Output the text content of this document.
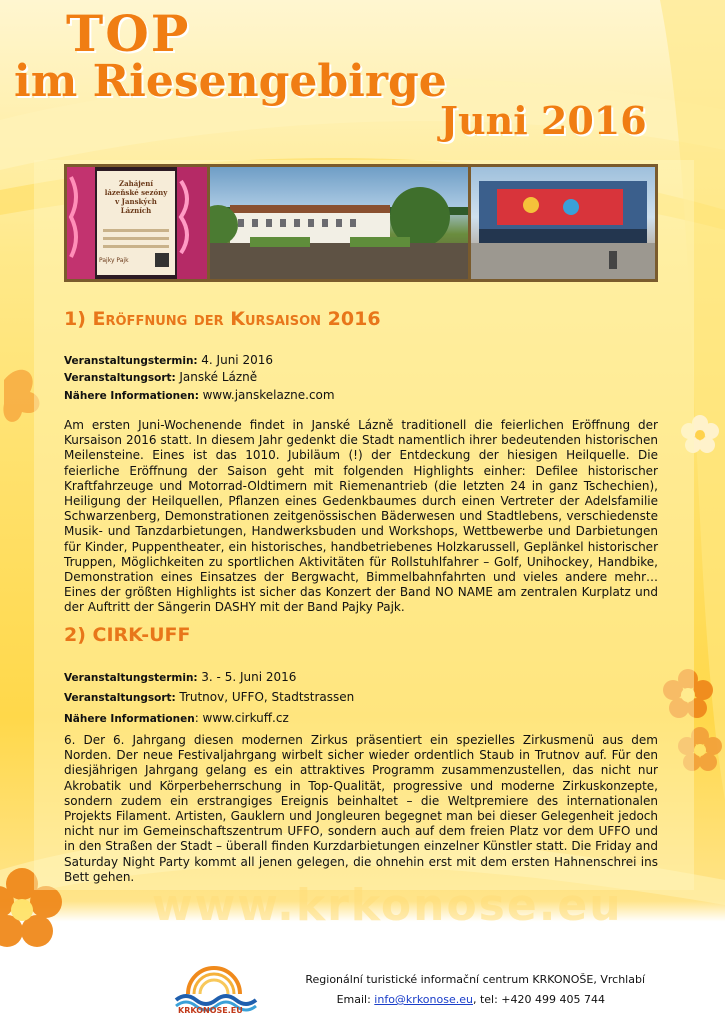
TOP
im Riesengebirge
Juni 2016
Zahájení
lázeňské sezóny
v Janských Lázních
Pajky Pajk
1) Eröffnung der Kursaison 2016
Veranstaltungstermin: 4. Juni 2016
Veranstaltungsort: Janské Lázně
Nähere Informationen: www.janskelazne.com
Am ersten Juni-Wochenende findet in Janské Lázně traditionell die feierlichen Eröffnung der Kursaison 2016 statt. In diesem Jahr gedenkt die Stadt namentlich ihrer bedeutenden historischen Meilensteine. Eines ist das 1010. Jubiläum (!) der Entdeckung der hiesigen Heilquelle. Die feierliche Eröffnung der Saison geht mit folgenden Highlights einher: Defilee historischer Kraftfahrzeuge und Motorrad-Oldtimern mit Riemenantrieb (die letzten 24 in ganz Tschechien), Heiligung der Heilquellen, Pflanzen eines Gedenkbaumes durch einen Vertreter der Adelsfamilie Schwarzenberg, Demonstrationen zeitgenössischen Bäderwesen und Stadtlebens, verschiedenste Musik- und Tanzdarbietungen, Handwerksbuden und Workshops, Wettbewerbe und Darbietungen für Kinder, Puppentheater, ein historisches, handbetriebenes Holzkarussell, Geplänkel historischer Truppen, Möglichkeiten zu sportlichen Aktivitäten für Rollstuhlfahrer – Golf, Unihockey, Handbike, Demonstration eines Einsatzes der Bergwacht, Bimmelbahnfahrten und vieles andere mehr… Eines der größten Highlights ist sicher das Konzert der Band NO NAME am zentralen Kurplatz und der Auftritt der Sängerin DASHY mit der Band Pajky Pajk.
2) CIRK-UFF
Veranstaltungstermin: 3. - 5. Juni 2016
Veranstaltungsort: Trutnov, UFFO, Stadtstrassen
Nähere Informationen: www.cirkuff.cz
6. Der 6. Jahrgang diesen modernen Zirkus präsentiert ein spezielles Zirkusmenü aus dem Norden. Der neue Festivaljahrgang wirbelt sicher wieder ordentlich Staub in Trutnov auf. Für den diesjährigen Jahrgang gelang es ein attraktives Programm zusammenzustellen, das nicht nur Akrobatik und Körperbeherrschung in Top-Qualität, progressive und moderne Zirkuskonzepte, sondern zudem ein erstrangiges Ereignis beinhaltet – die Weltpremiere des internationalen Projekts Filament. Artisten, Gauklern und Jongleuren begegnet man bei dieser Gelegenheit jedoch nicht nur im Gemeinschaftszentrum UFFO, sondern auch auf dem freien Platz vor dem UFFO und in den Straßen der Stadt – überall finden Kurzdarbietungen einzelner Künstler statt. Die Friday and Saturday Night Party kommt all jenen gelegen, die ohnehin erst mit dem ersten Hahnenschrei ins Bett gehen.
www.krkonose.eu
KRKONOSE.EU
Regionální turistické informační centrum KRKONOŠE, Vrchlabí
Email: info@krkonose.eu, tel: +420 499 405 744
